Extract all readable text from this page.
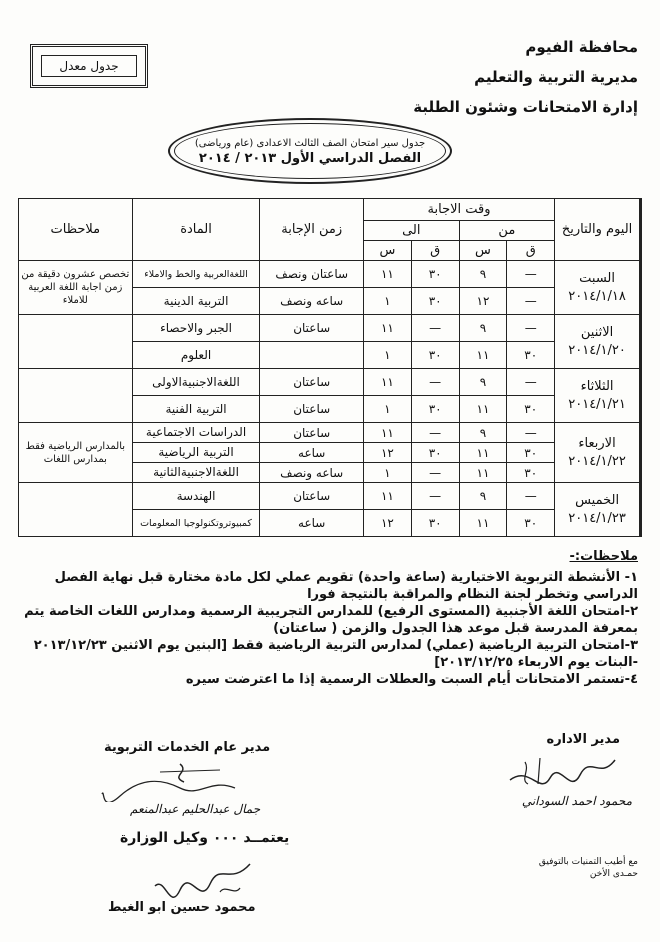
محافظة الفيوم
مديرية التربية والتعليم
إدارة الامتحانات وشئون الطلبة
جدول معدل
جدول سير امتحان الصف الثالث الاعدادى (عام ورياضى)
الفصل الدراسي الأول ٢٠١٣ / ٢٠١٤
اليوم والتاريخ	وقت الاجابة				زمن الإجابة	المادة	ملاحظات
	من		الى				
	ق	س	ق	س			

السبت
٢٠١٤/١/١٨	—	٩	٣٠	١١	ساعتان ونصف	اللغةالعربية والخط والاملاء	تخصص عشرون دقيقة من زمن اجابة اللغة العربية للاملاء
	—	١٢	٣٠	١	ساعه ونصف	التربية الدينية	

الاثنين
٢٠١٤/١/٢٠	—	٩	—	١١	ساعتان	الجبر والاحصاء	
	٣٠	١١	٣٠	١		العلوم	

الثلاثاء
٢٠١٤/١/٢١	—	٩	—	١١	ساعتان	اللغةالاجنبيةالاولى	
	٣٠	١١	٣٠	١	ساعتان	التربية الفنية	

الاربعاء
٢٠١٤/١/٢٢	—	٩	—	١١	ساعتان	الدراسات الاجتماعية	بالمدارس الرياضية فقط بمدارس اللغات
	٣٠	١١	٣٠	١٢	ساعه	التربية الرياضية	
	٣٠	١١	—	١	ساعه ونصف	اللغةالاجنبيةالثانية	

الخميس
٢٠١٤/١/٢٣	—	٩	—	١١	ساعتان	الهندسة	
	٣٠	١١	٣٠	١٢	ساعه	كمبيوتروتكنولوجيا المعلومات	
ملاحظات:-
١- الأنشطة التربوية الاختيارية (ساعة واحدة) تقويم عملي لكل مادة مختارة قبل نهاية الفصل الدراسي وتخطر لجنة النظام والمراقبة بالنتيجة فورا
٢-امتحان اللغة الأجنبية (المستوى الرفيع) للمدارس التجريبية الرسمية ومدارس اللغات الخاصة يتم بمعرفة المدرسة قبل موعد هذا الجدول والزمن ( ساعتان)
٣-امتحان التربية الرياضية (عملي) لمدارس التربية الرياضية فقط [البنين يوم الاثنين ٢٠١٣/١٢/٢٣ -البنات يوم الاربعاء ٢٠١٣/١٢/٢٥]
٤-تستمر الامتحانات أيام السبت والعطلات الرسمية إذا ما اعترضت سيره
مدير الاداره
محمود احمد السوداني
مدير عام الخدمات التربوية
جمال عبدالحليم عبدالمنعم
يعتمــد ٠٠٠ وكيل الوزارة
محمود حسين ابو الغيط
مع أطيب التمنيات بالتوفيق
حمـدى الأخن
